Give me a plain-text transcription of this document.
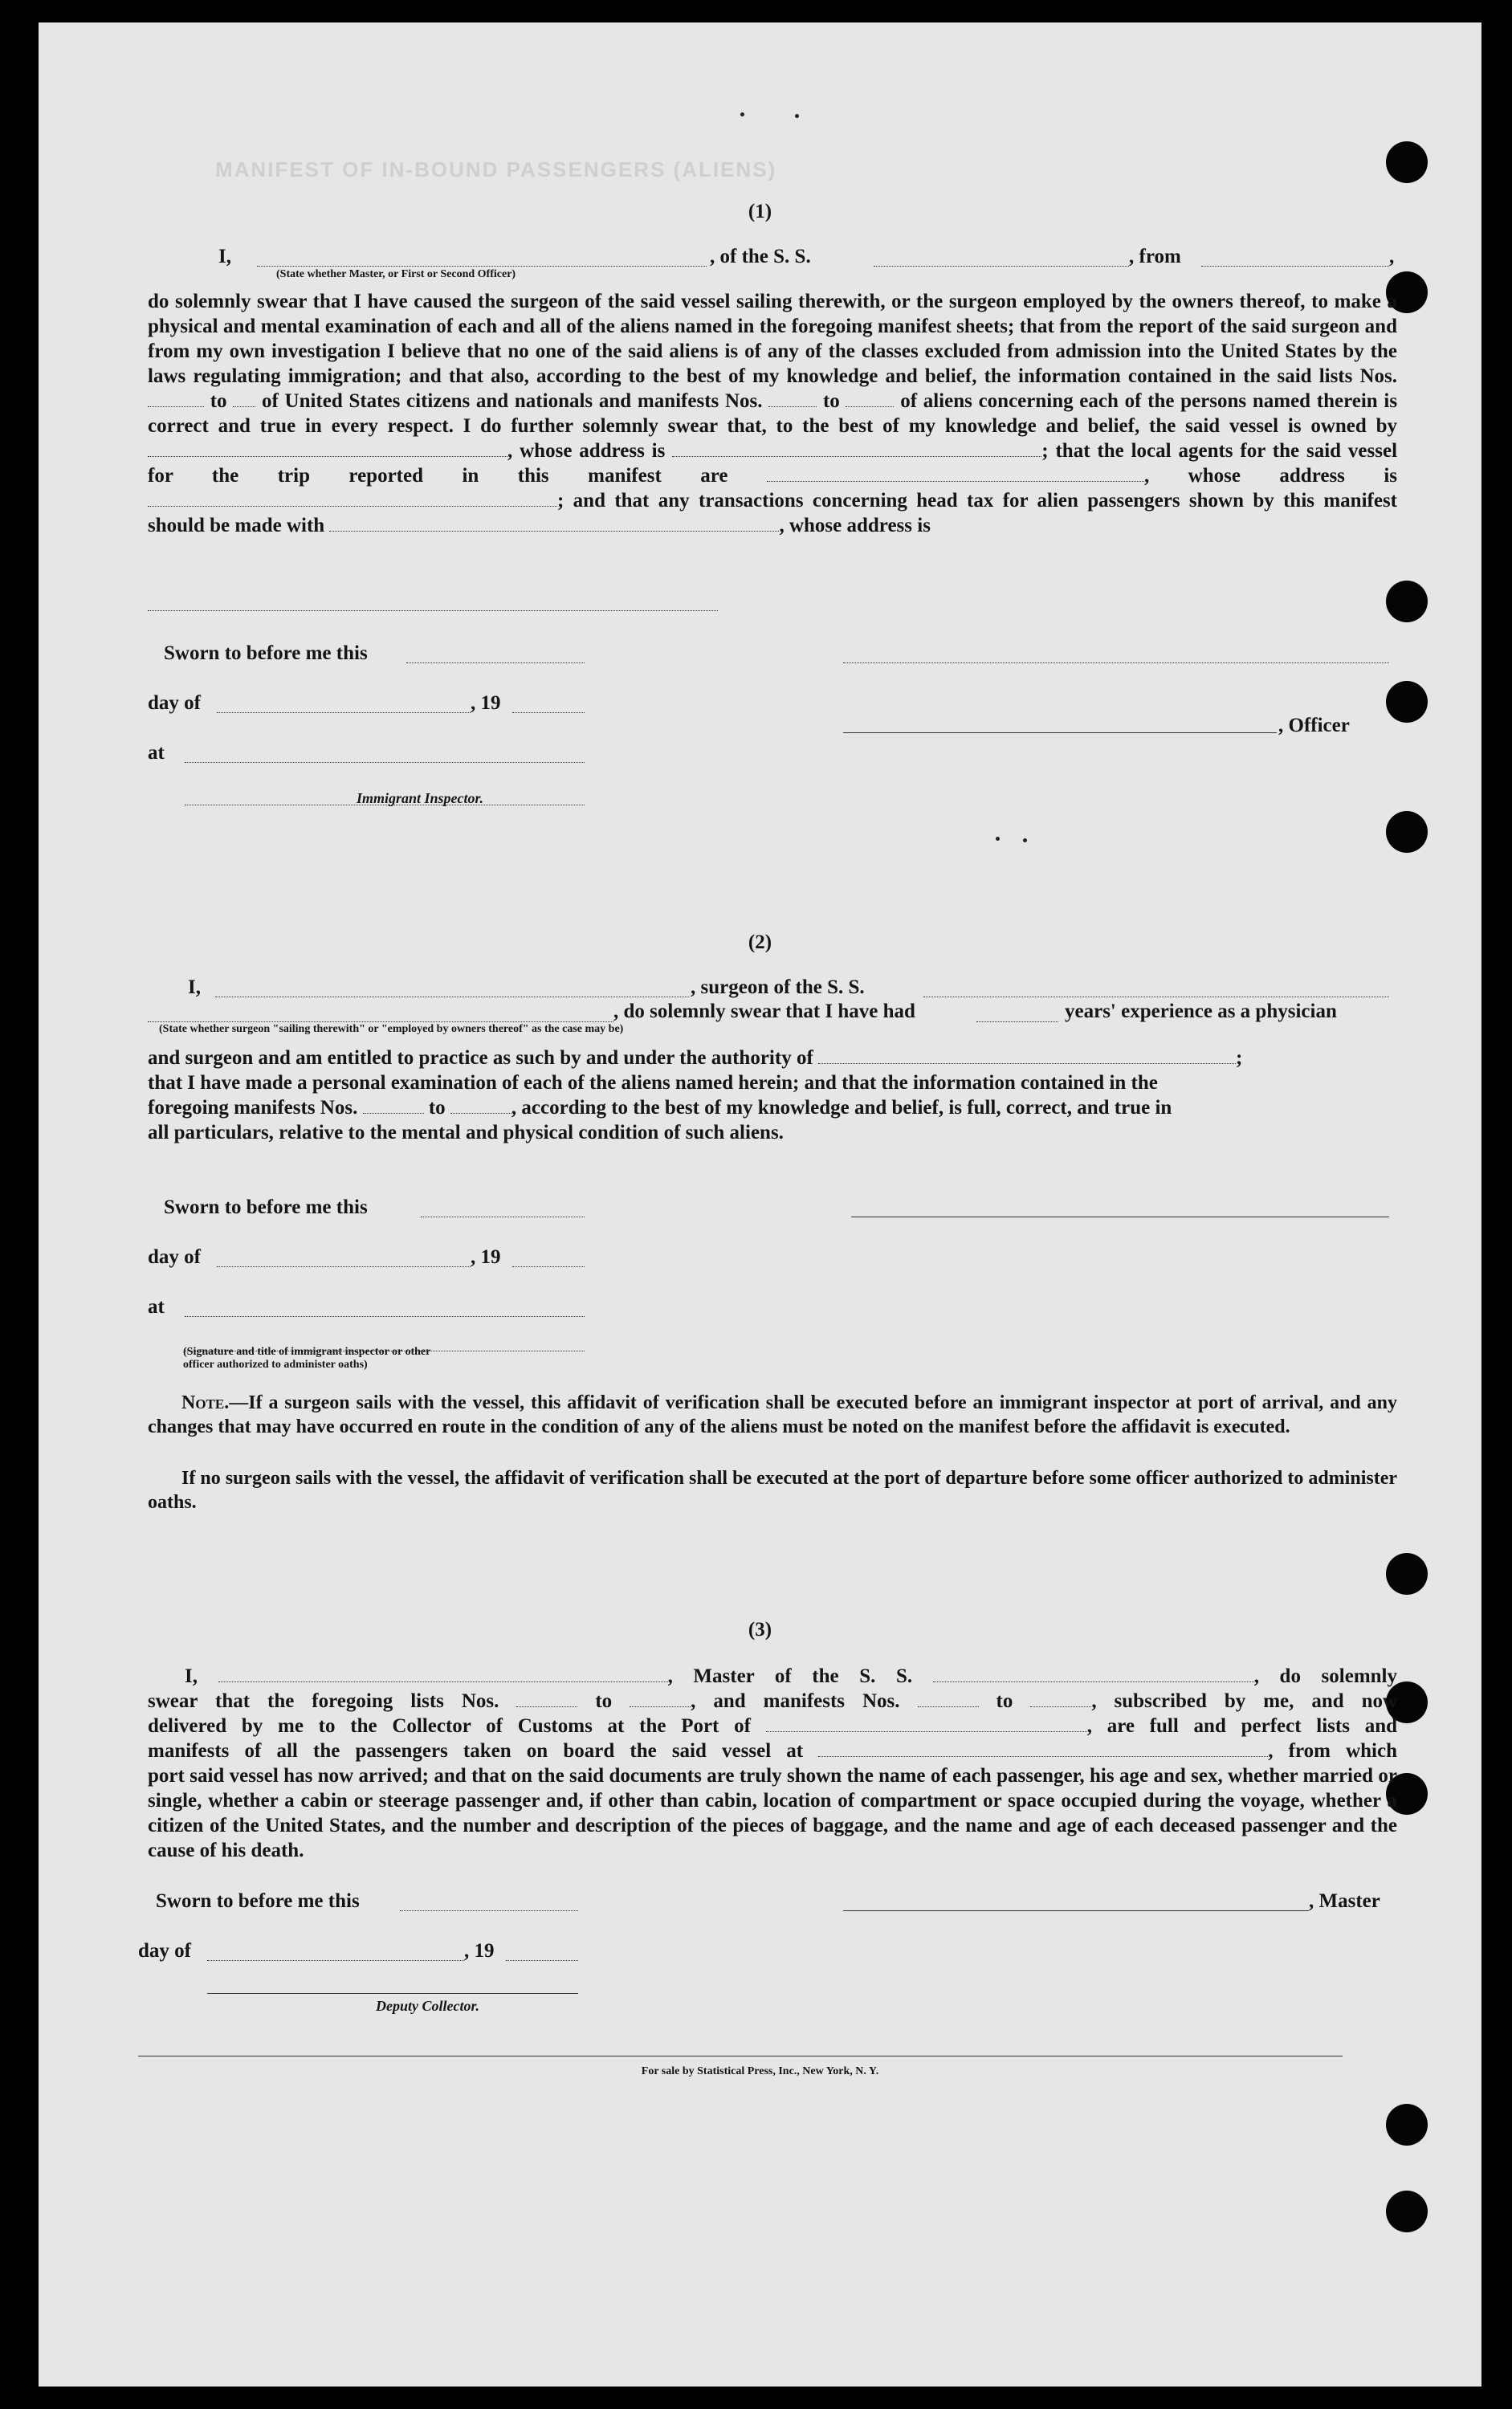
MANIFEST OF IN-BOUND PASSENGERS (ALIENS)
(1)
I,	, of the S. S.	, from	,
(State whether Master, or First or Second Officer)
do solemnly swear that I have caused the surgeon of the said vessel sailing therewith, or the surgeon employed by the owners thereof, to make a physical and mental examination of each and all of the aliens named in the foregoing manifest sheets; that from the report of the said surgeon and from my own investigation I believe that no one of the said aliens is of any of the classes excluded from admission into the United States by the laws regulating immigration; and that also, according to the best of my knowledge and belief, the information contained in the said lists Nos.  to of United States citizens and nationals and manifests Nos.	to	of aliens concerning each of the persons named therein is correct and true in every respect. I do further solemnly swear that, to the best of my knowledge and belief, the said vessel is owned by , whose address is	; that the local agents for the said vessel for the trip reported in this manifest are	, whose address is ; and that any transactions concerning head tax for alien passengers shown by this manifest should be made with	, whose address is
Sworn to before me this
day of	, 19
, Officer
at
Immigrant Inspector.
(2)
I,	, surgeon of the S. S.
, do solemnly swear that I have had	years' experience as a physician
(State whether surgeon "sailing therewith" or "employed by owners thereof" as the case may be)
and surgeon and am entitled to practice as such by and under the authority of	;
that I have made a personal examination of each of the aliens named herein; and that the information contained in the
foregoing manifests Nos.	to	, according to the best of my knowledge and belief, is full, correct, and true in
all particulars, relative to the mental and physical condition of such aliens.
Sworn to before me this
day of	, 19
at
(Signature and title of immigrant inspector or other officer authorized to administer oaths)
Note.—If a surgeon sails with the vessel, this affidavit of verification shall be executed before an immigrant inspector at port of arrival, and any changes that may have occurred en route in the condition of any of the aliens must be noted on the manifest before the affidavit is executed.
If no surgeon sails with the vessel, the affidavit of verification shall be executed at the port of departure before some officer authorized to administer oaths.
(3)
I,	, Master of the S. S.	, do solemnly
swear that the foregoing lists Nos.	to	, and manifests Nos.	to	, subscribed by me, and now
delivered by me to the Collector of Customs at the Port of	, are full and perfect lists and
manifests of all the passengers taken on board the said vessel at	, from which
port said vessel has now arrived; and that on the said documents are truly shown the name of each passenger, his age and sex, whether married or single, whether a cabin or steerage passenger and, if other than cabin, location of compartment or space occupied during the voyage, whether a citizen of the United States, and the number and description of the pieces of baggage, and the name and age of each deceased passenger and the cause of his death.
Sworn to before me this	, Master
day of	, 19
Deputy Collector.
For sale by Statistical Press, Inc., New York, N. Y.
